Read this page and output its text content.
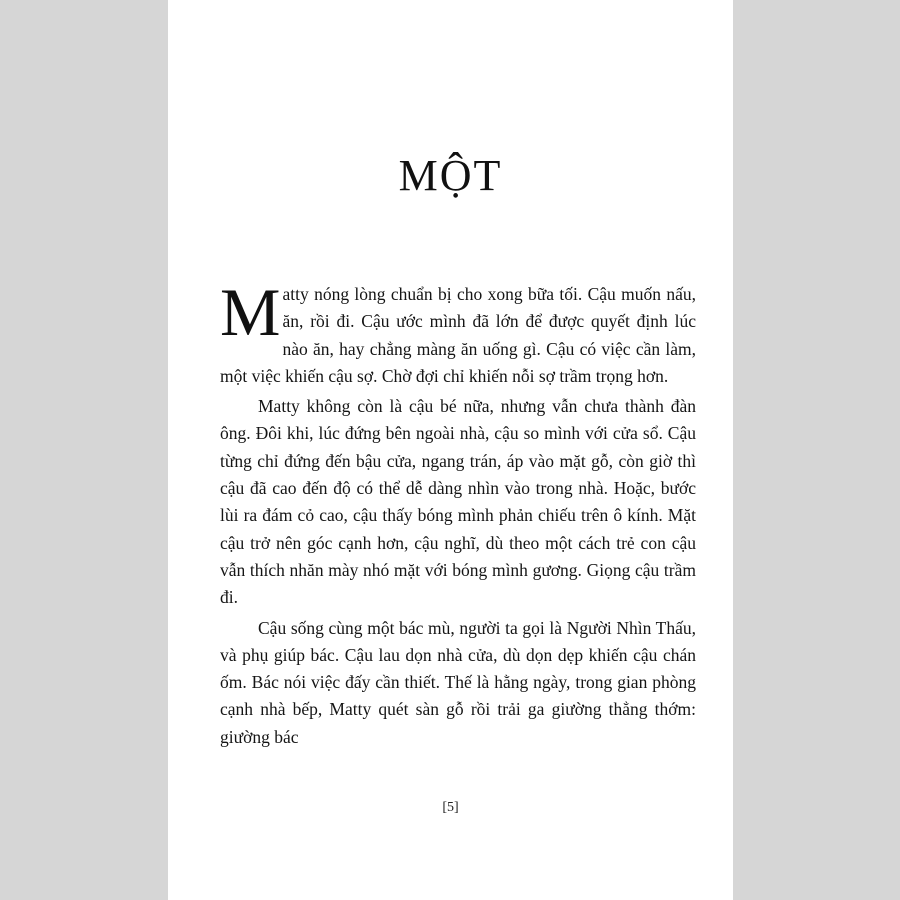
MỘT

Matty nóng lòng chuẩn bị cho xong bữa tối. Cậu muốn nấu, ăn, rồi đi. Cậu ước mình đã lớn để được quyết định lúc nào ăn, hay chẳng màng ăn uống gì. Cậu có việc cần làm, một việc khiến cậu sợ. Chờ đợi chỉ khiến nỗi sợ trầm trọng hơn.

Matty không còn là cậu bé nữa, nhưng vẫn chưa thành đàn ông. Đôi khi, lúc đứng bên ngoài nhà, cậu so mình với cửa sổ. Cậu từng chỉ đứng đến bậu cửa, ngang trán, áp vào mặt gỗ, còn giờ thì cậu đã cao đến độ có thể dễ dàng nhìn vào trong nhà. Hoặc, bước lùi ra đám cỏ cao, cậu thấy bóng mình phản chiếu trên ô kính. Mặt cậu trở nên góc cạnh hơn, cậu nghĩ, dù theo một cách trẻ con cậu vẫn thích nhăn mày nhó mặt với bóng mình gương. Giọng cậu trầm đi.

Cậu sống cùng một bác mù, người ta gọi là Người Nhìn Thấu, và phụ giúp bác. Cậu lau dọn nhà cửa, dù dọn dẹp khiến cậu chán ốm. Bác nói việc đấy cần thiết. Thế là hằng ngày, trong gian phòng cạnh nhà bếp, Matty quét sàn gỗ rồi trải ga giường thẳng thớm: giường bác

[5]
